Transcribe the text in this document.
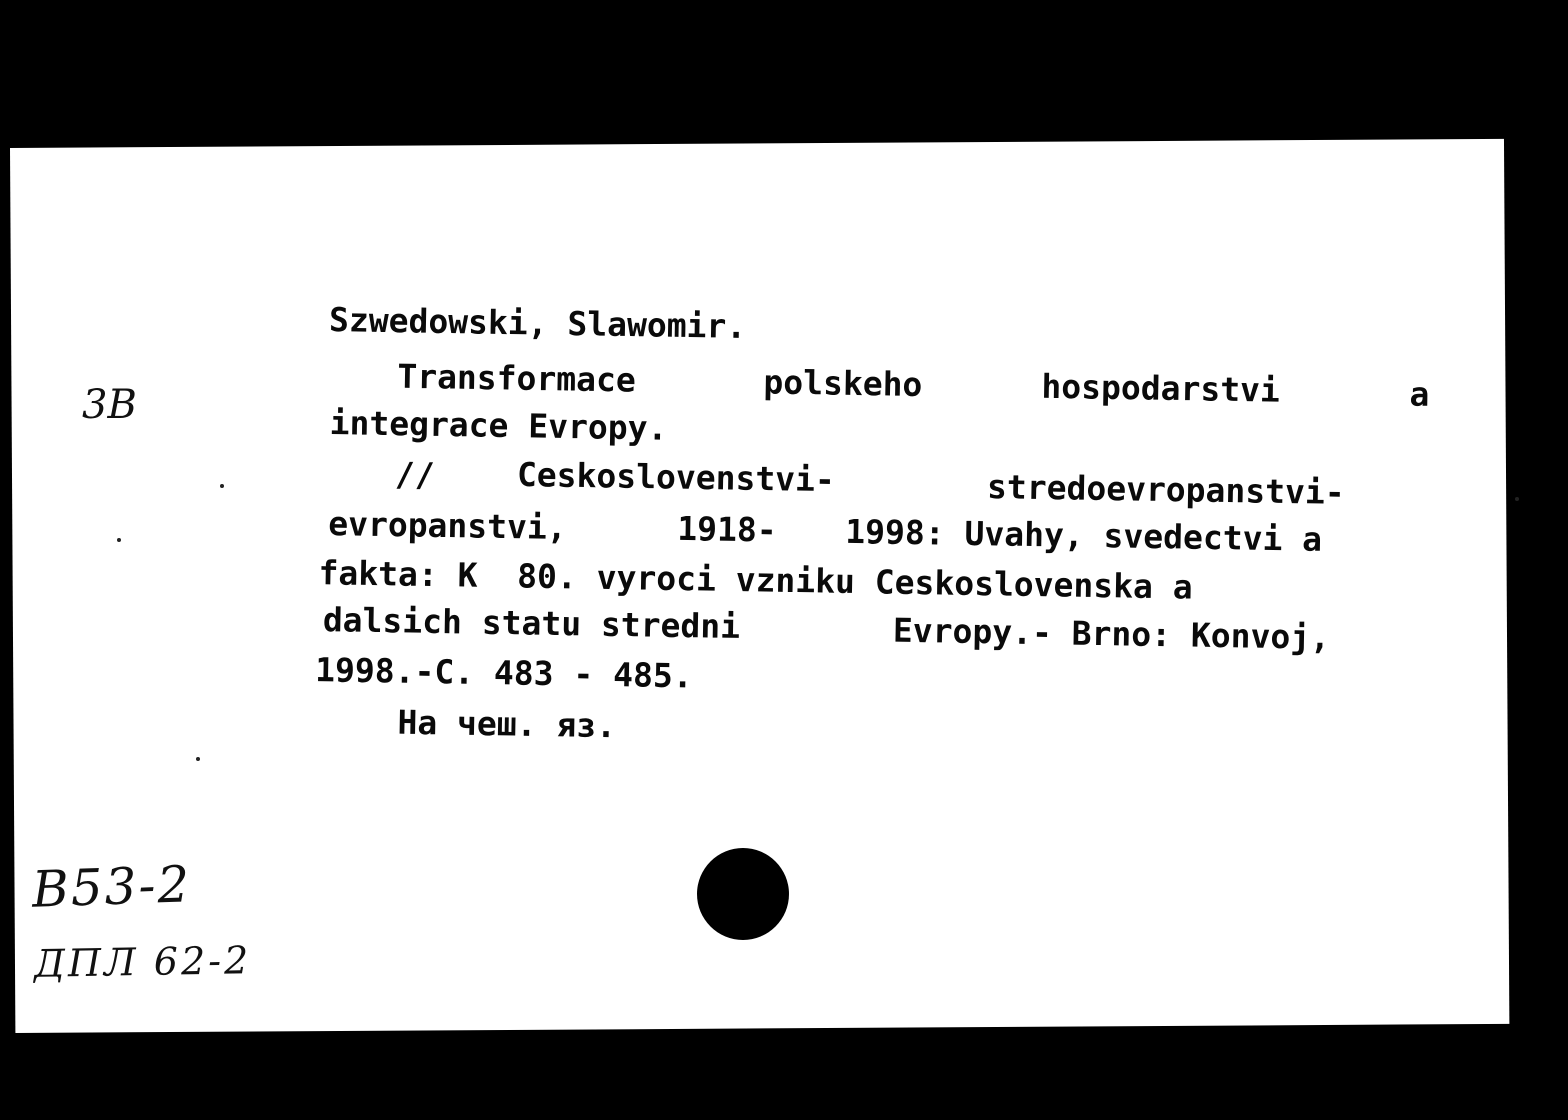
Szwedowski, Slawomir.
Transformace	polskeho	hospodarstvi	a
integrace Evropy.
// Ceskoslovenstvi-	stredoevropanstvi-
evropanstvi,	1918- 1998: Uvahy, svedectvi a
fakta: K  80. vyroci vzniku Ceskoslovenska a
dalsich statu stredni	Evropy.- Brno: Konvoj,
1998.-C. 483 - 485.
На чеш. яз.
3B
B53-2
ДПЛ 62-2
